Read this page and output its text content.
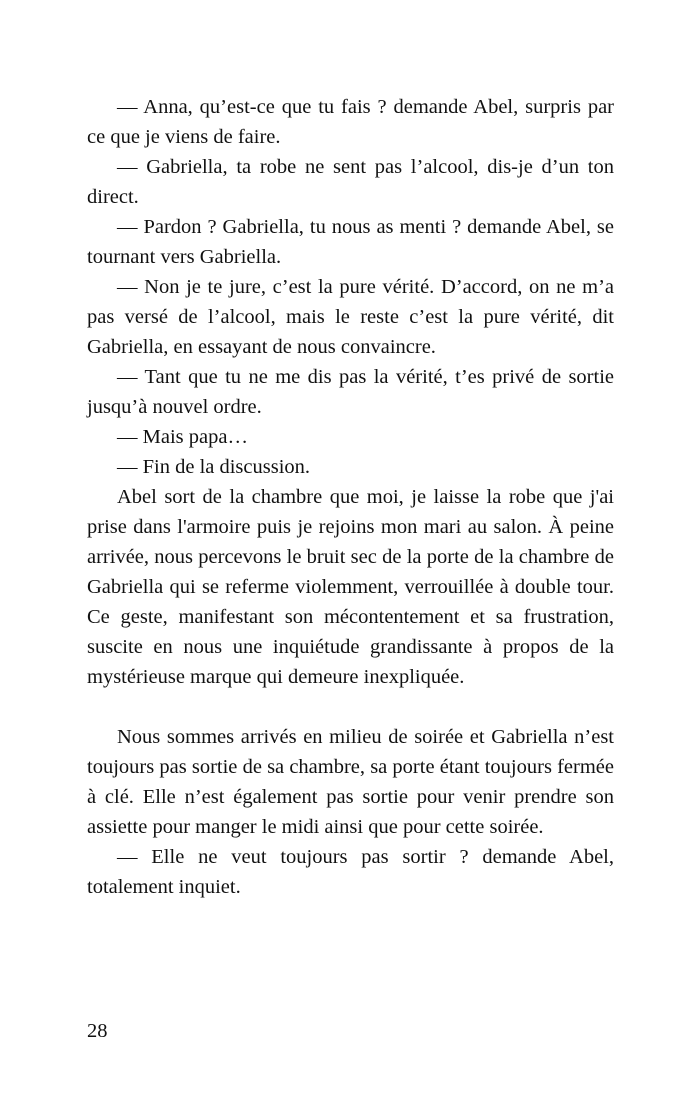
— Anna, qu’est-ce que tu fais ? demande Abel, surpris par ce que je viens de faire.

— Gabriella, ta robe ne sent pas l’alcool, dis-je d’un ton direct.

— Pardon ? Gabriella, tu nous as menti ? demande Abel, se tournant vers Gabriella.

— Non je te jure, c’est la pure vérité. D’accord, on ne m’a pas versé de l’alcool, mais le reste c’est la pure vérité, dit Gabriella, en essayant de nous convaincre.

— Tant que tu ne me dis pas la vérité, t’es privé de sortie jusqu’à nouvel ordre.

— Mais papa…

— Fin de la discussion.

Abel sort de la chambre que moi, je laisse la robe que j'ai prise dans l'armoire puis je rejoins mon mari au salon. À peine arrivée, nous percevons le bruit sec de la porte de la chambre de Gabriella qui se referme violemment, verrouillée à double tour. Ce geste, manifestant son mécontentement et sa frustration, suscite en nous une inquiétude grandissante à propos de la mystérieuse marque qui demeure inexpliquée.

Nous sommes arrivés en milieu de soirée et Gabriella n’est toujours pas sortie de sa chambre, sa porte étant toujours fermée à clé. Elle n’est également pas sortie pour venir prendre son assiette pour manger le midi ainsi que pour cette soirée.

— Elle ne veut toujours pas sortir ? demande Abel, totalement inquiet.

28
